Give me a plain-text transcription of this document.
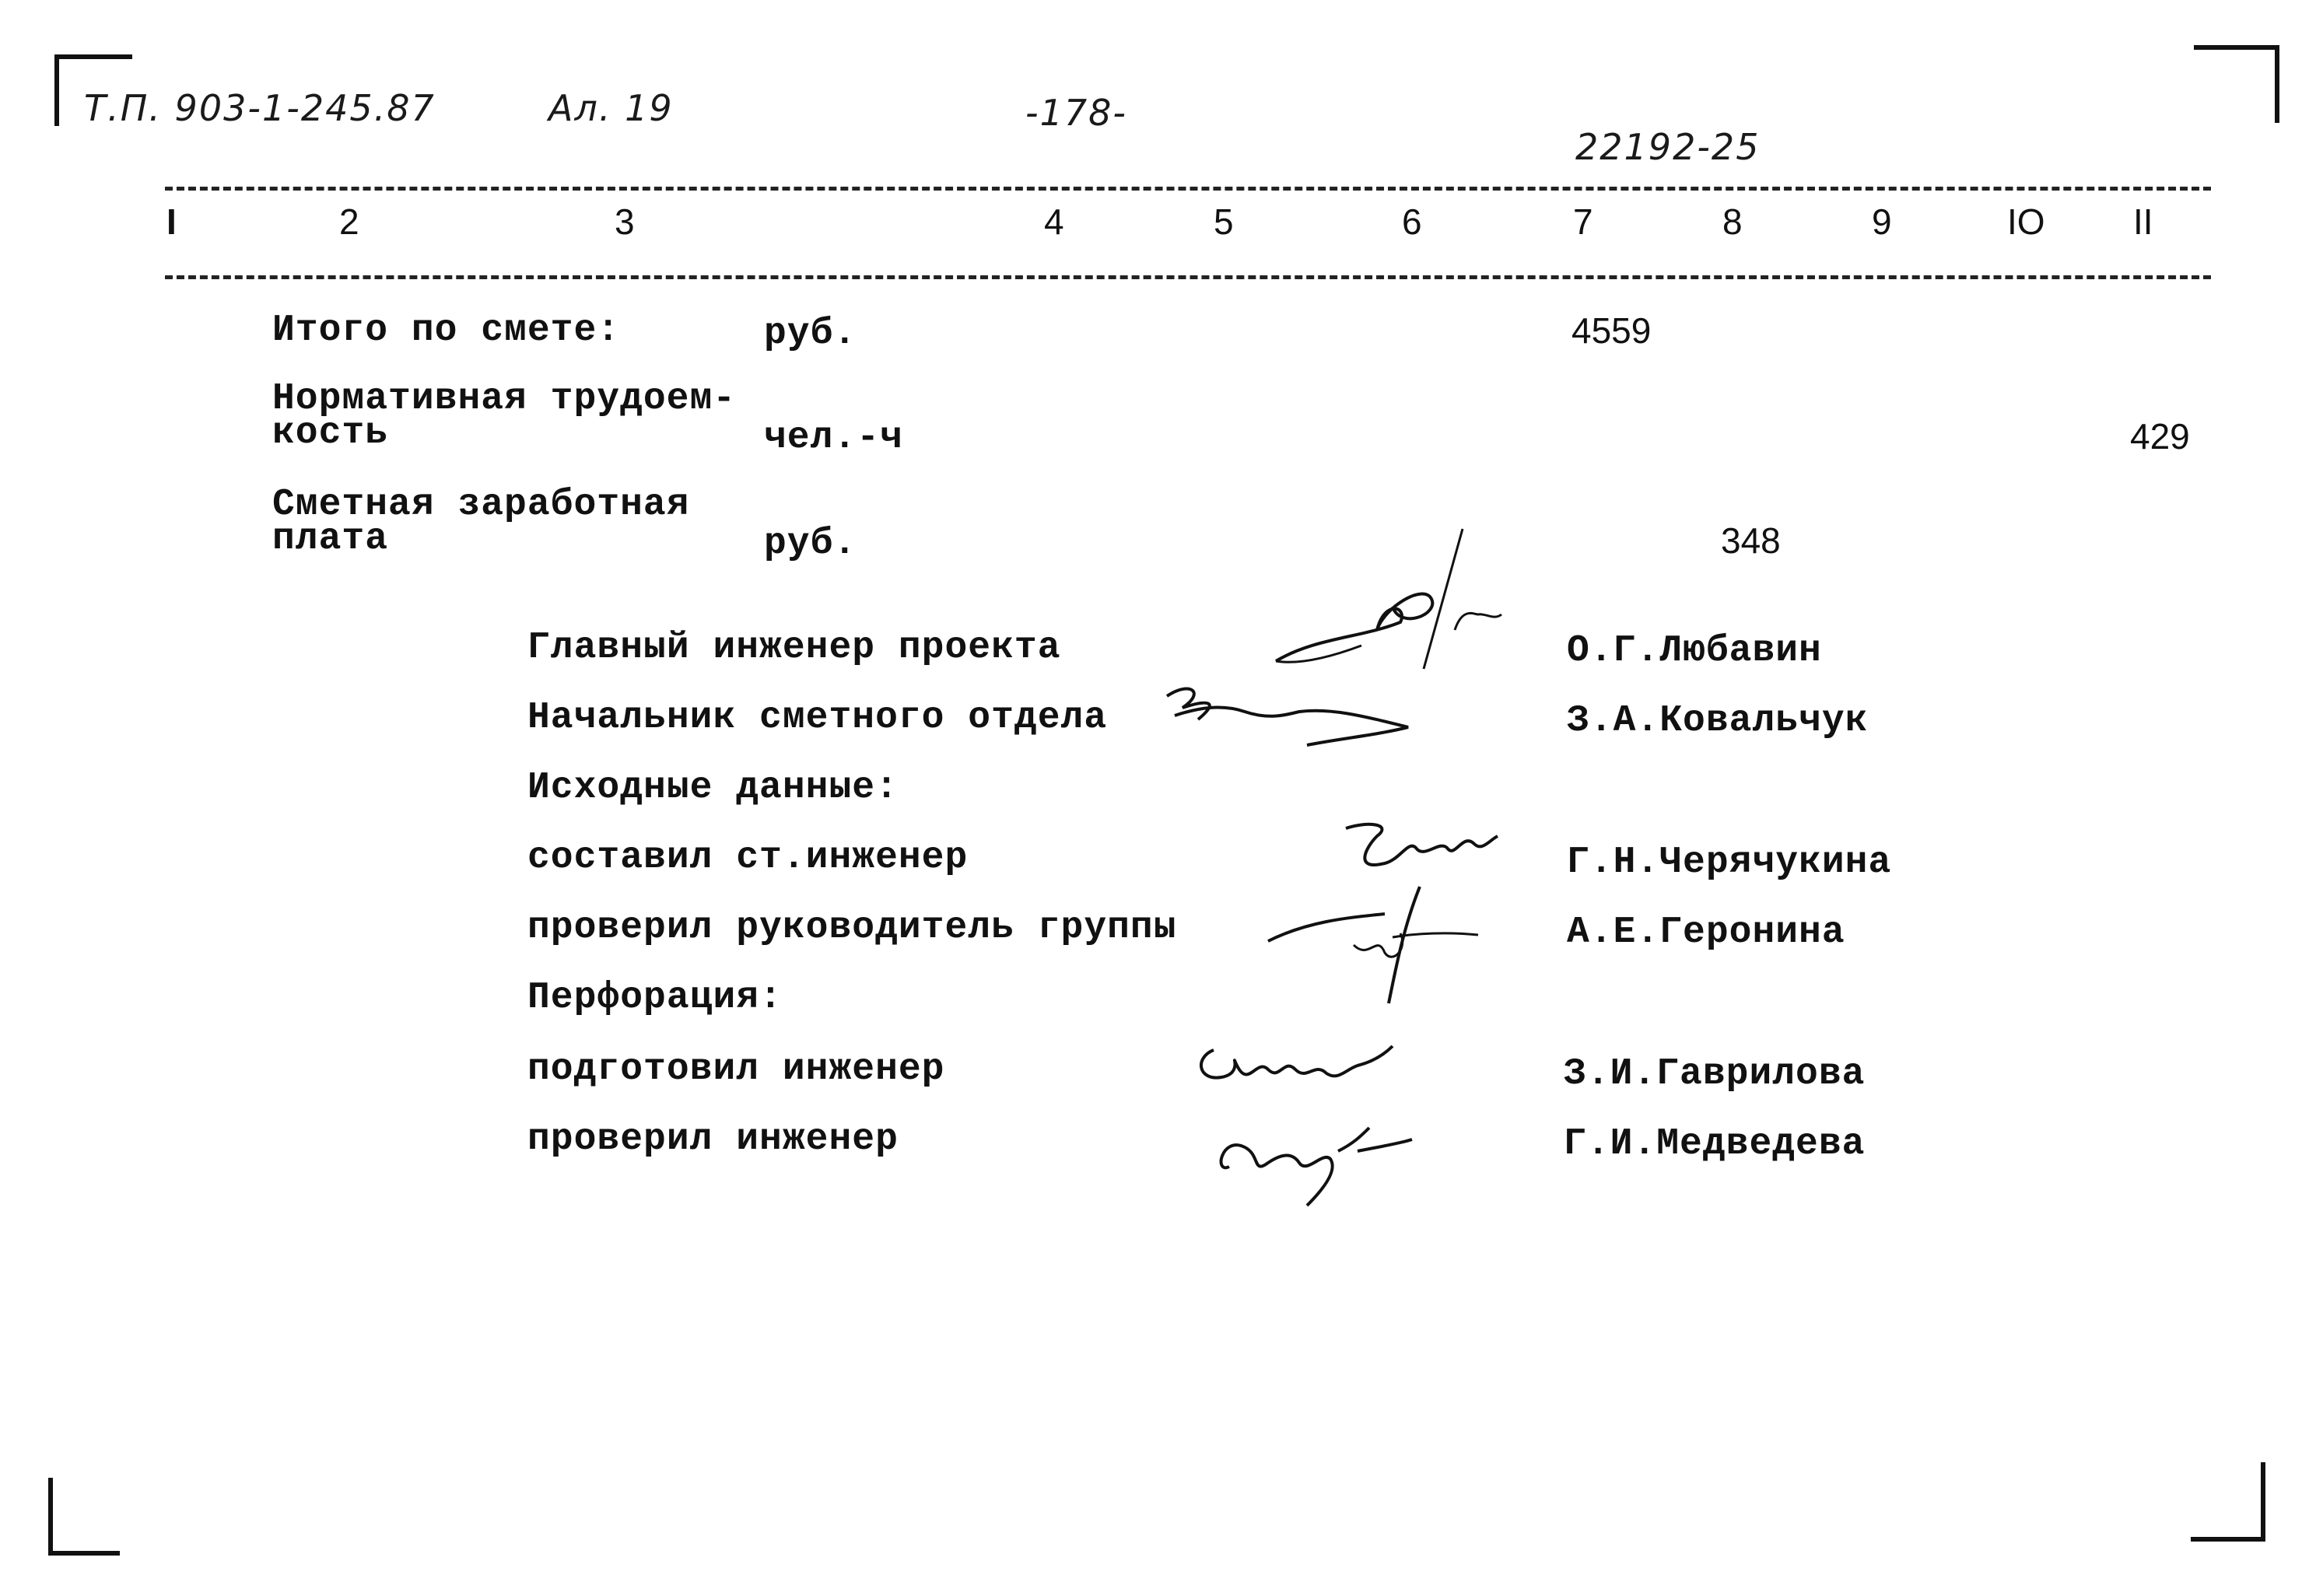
Т.П. 903-1-245.87	Ал. 19	-178-
22192-25
I	2	3	4	5	6	7	8	9	IO II
Итого по смете:	руб.	4559
Нормативная трудоем-
кость	чел.-ч	429
Сметная заработная
плата	руб.	348
Главный инженер проекта	О.Г.Любавин
Начальник сметного отдела	З.А.Ковальчук
Исходные данные:
составил ст.инженер	Г.Н.Черячукина
проверил руководитель группы	А.Е.Геронина
Перфорация:
подготовил инженер	З.И.Гаврилова
проверил инженер	Г.И.Медведева
